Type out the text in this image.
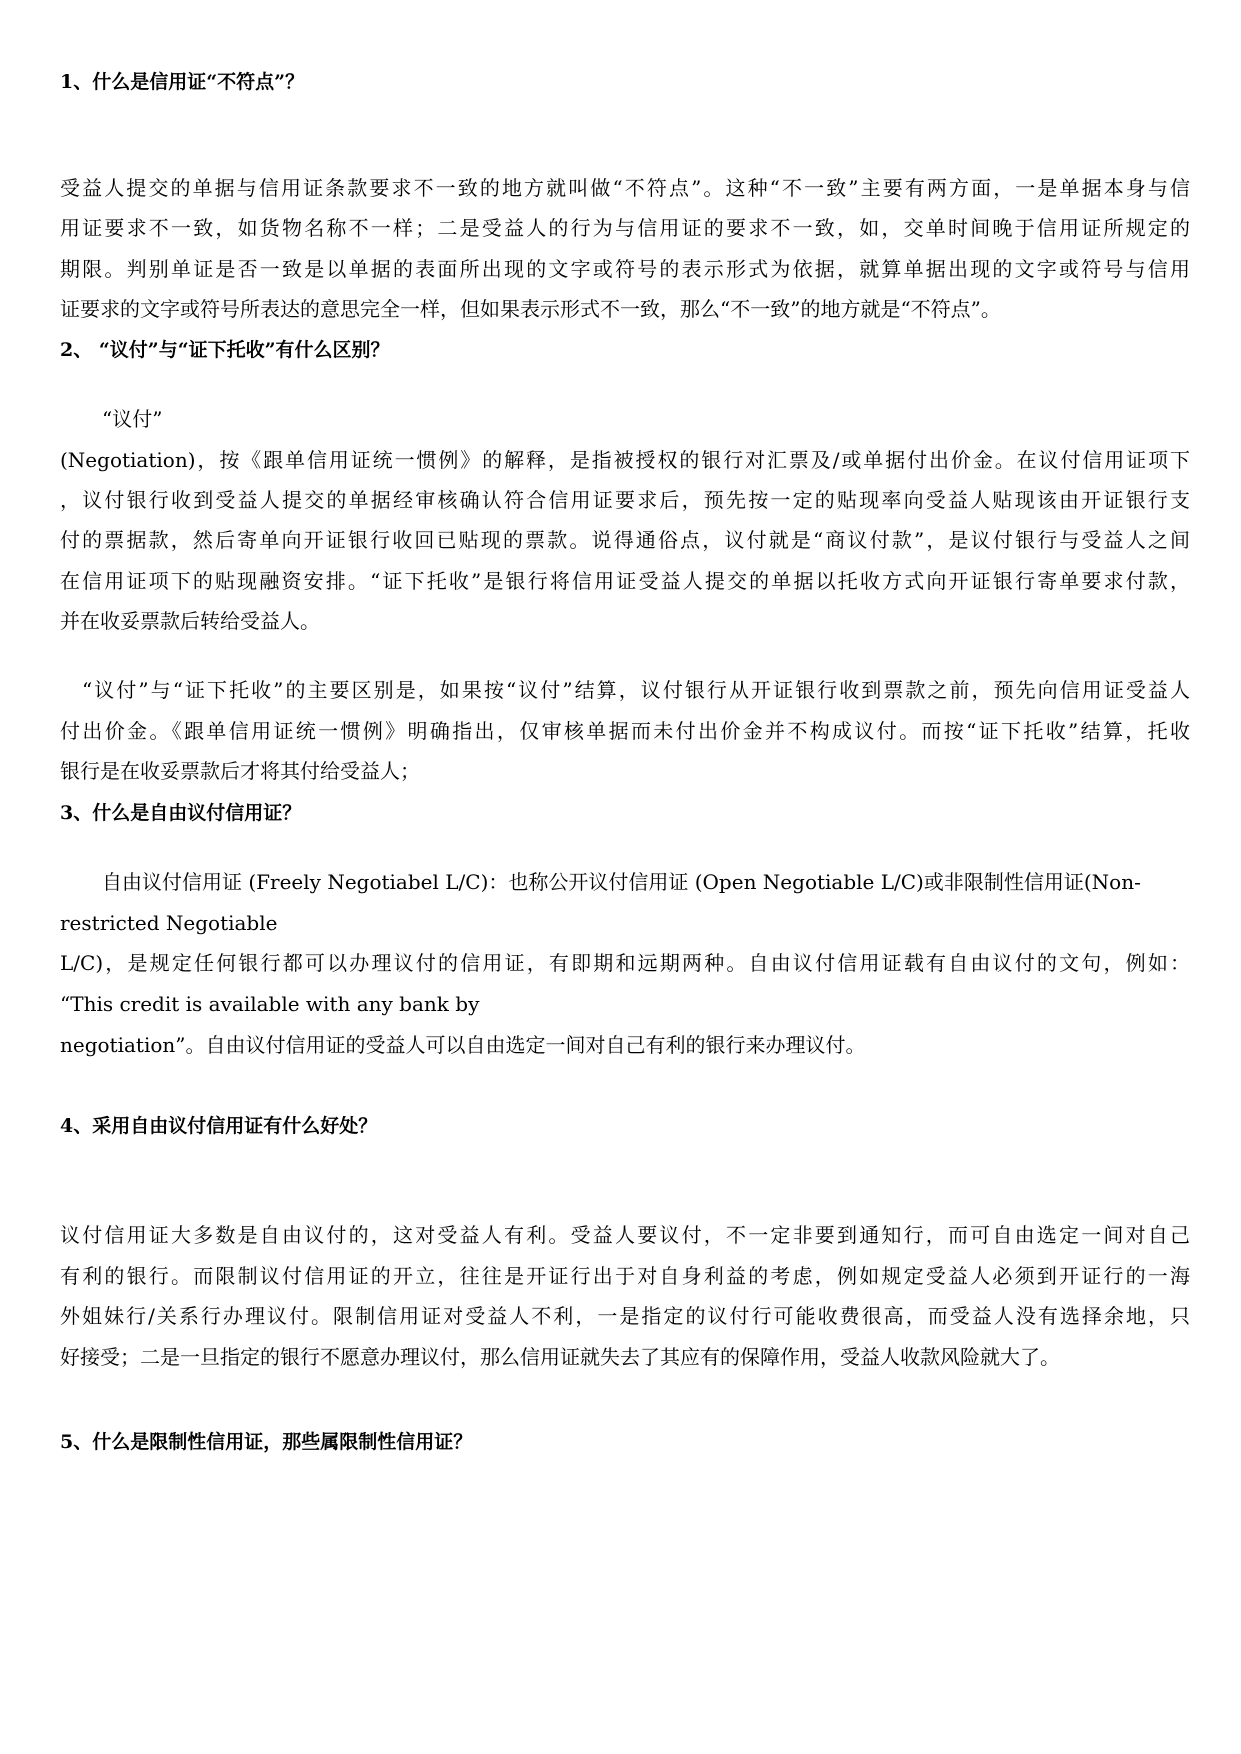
1、什么是信用证“不符点”？
受益人提交的单据与信用证条款要求不一致的地方就叫做“不符点”。这种“不一致”主要有两方面，一是单据本身与信
用证要求不一致，如货物名称不一样；二是受益人的行为与信用证的要求不一致，如，交单时间晚于信用证所规定的
期限。判别单证是否一致是以单据的表面所出现的文字或符号的表示形式为依据，就算单据出现的文字或符号与信用
证要求的文字或符号所表达的意思完全一样，但如果表示形式不一致，那么“不一致”的地方就是“不符点”。
2、 “议付”与“证下托收”有什么区别？
“议付”
(Negotiation)，按《跟单信用证统一惯例》的解释，是指被授权的银行对汇票及/或单据付出价金。在议付信用证项下
，议付银行收到受益人提交的单据经审核确认符合信用证要求后，预先按一定的贴现率向受益人贴现该由开证银行支
付的票据款，然后寄单向开证银行收回已贴现的票款。说得通俗点，议付就是“商议付款”，是议付银行与受益人之间
在信用证项下的贴现融资安排。“证下托收”是银行将信用证受益人提交的单据以托收方式向开证银行寄单要求付款，
并在收妥票款后转给受益人。
“议付”与“证下托收”的主要区别是，如果按“议付”结算，议付银行从开证银行收到票款之前，预先向信用证受益人
付出价金。《跟单信用证统一惯例》明确指出，仅审核单据而未付出价金并不构成议付。而按“证下托收”结算，托收
银行是在收妥票款后才将其付给受益人；
3、什么是自由议付信用证？
自由议付信用证 (Freely Negotiabel L/C)：也称公开议付信用证 (Open Negotiable L/C)或非限制性信用证(Non-
restricted Negotiable
L/C)，是规定任何银行都可以办理议付的信用证，有即期和远期两种。自由议付信用证载有自由议付的文句，例如：
“This credit is available with any bank by
negotiation”。自由议付信用证的受益人可以自由选定一间对自己有利的银行来办理议付。
4、采用自由议付信用证有什么好处？
议付信用证大多数是自由议付的，这对受益人有利。受益人要议付，不一定非要到通知行，而可自由选定一间对自己
有利的银行。而限制议付信用证的开立，往往是开证行出于对自身利益的考虑，例如规定受益人必须到开证行的一海
外姐妹行/关系行办理议付。限制信用证对受益人不利，一是指定的议付行可能收费很高，而受益人没有选择余地，只
好接受；二是一旦指定的银行不愿意办理议付，那么信用证就失去了其应有的保障作用，受益人收款风险就大了。
5、什么是限制性信用证，那些属限制性信用证？
